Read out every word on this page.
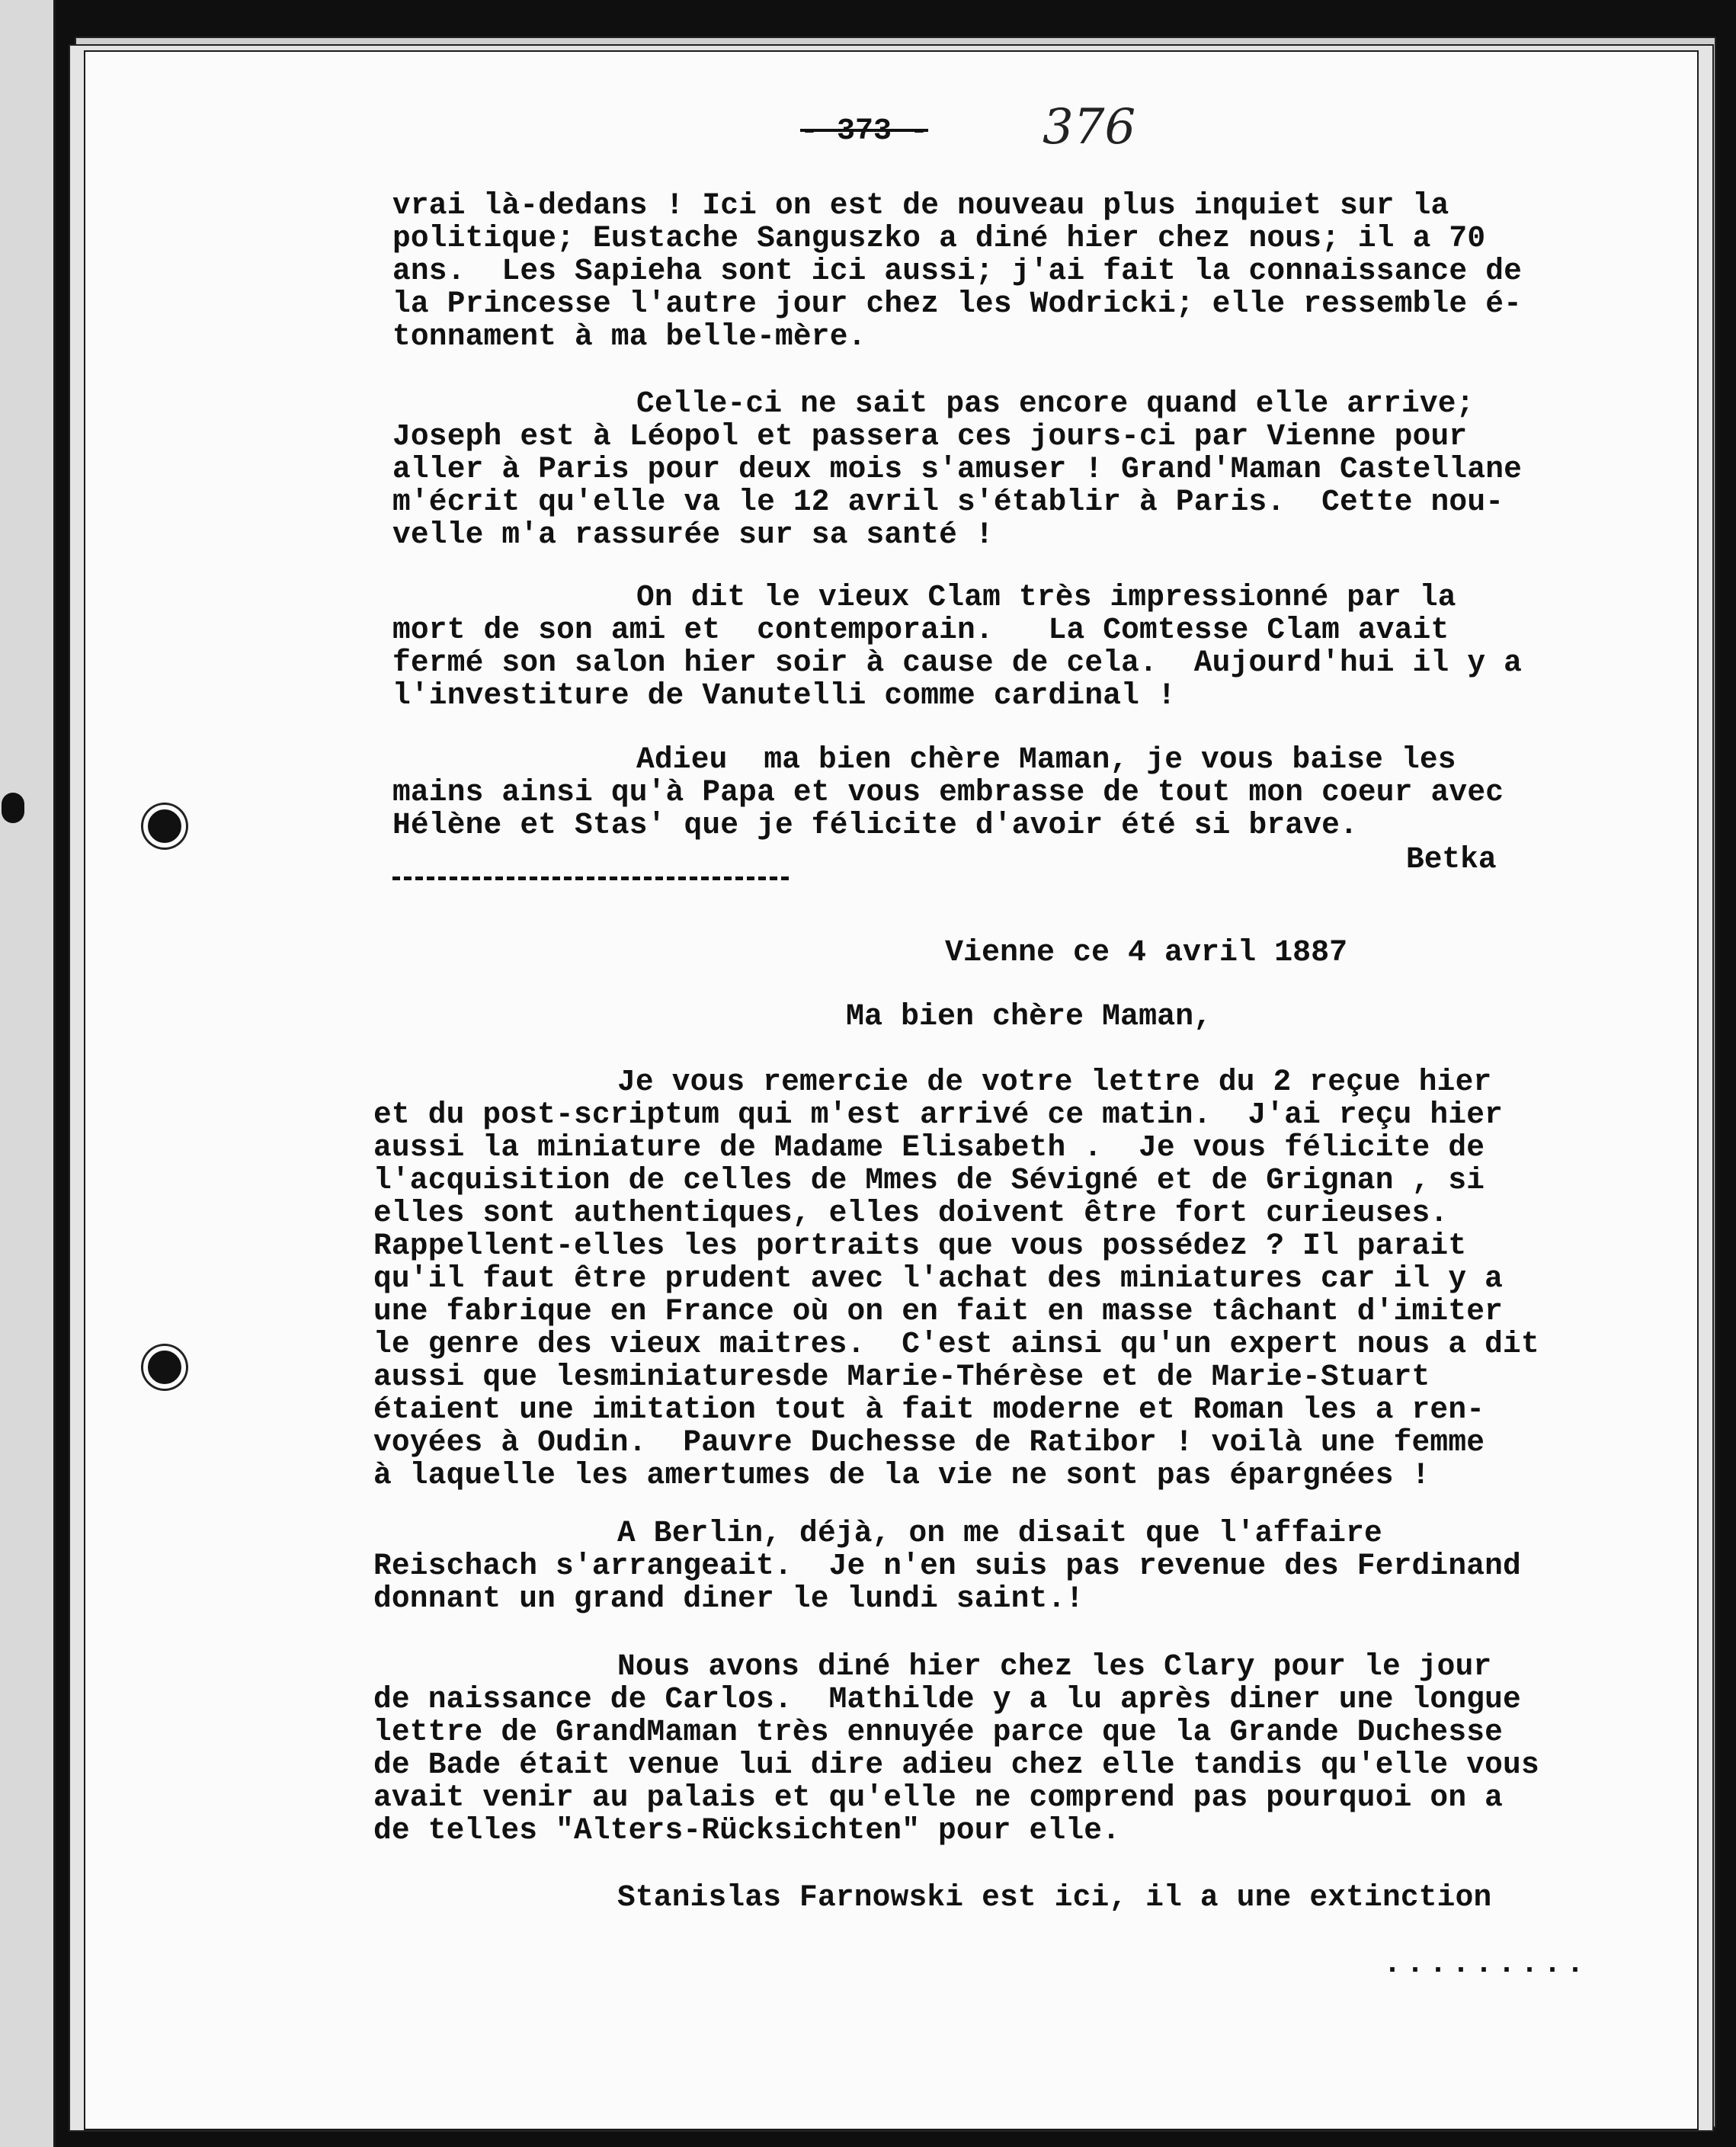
- 373 - 376
vrai là-dedans ! Ici on est de nouveau plus inquiet sur la
politique; Eustache Sanguszko a diné hier chez nous; il a 70
ans.  Les Sapieha sont ici aussi; j'ai fait la connaissance de
la Princesse l'autre jour chez les Wodricki; elle ressemble é-
tonnament à ma belle-mère.
Celle-ci ne sait pas encore quand elle arrive;
Joseph est à Léopol et passera ces jours-ci par Vienne pour
aller à Paris pour deux mois s'amuser ! Grand'Maman Castellane
m'écrit qu'elle va le 12 avril s'établir à Paris.  Cette nou-
velle m'a rassurée sur sa santé !
On dit le vieux Clam très impressionné par la
mort de son ami et  contemporain.   La Comtesse Clam avait
fermé son salon hier soir à cause de cela.  Aujourd'hui il y a
l'investiture de Vanutelli comme cardinal !
Adieu  ma bien chère Maman, je vous baise les
mains ainsi qu'à Papa et vous embrasse de tout mon coeur avec
Hélène et Stas' que je félicite d'avoir été si brave.
Betka
Vienne ce 4 avril 1887
Ma bien chère Maman,
Je vous remercie de votre lettre du 2 reçue hier
et du post-scriptum qui m'est arrivé ce matin.  J'ai reçu hier
aussi la miniature de Madame Elisabeth .  Je vous félicite de
l'acquisition de celles de Mmes de Sévigné et de Grignan , si
elles sont authentiques, elles doivent être fort curieuses.
Rappellent-elles les portraits que vous possédez ? Il parait
qu'il faut être prudent avec l'achat des miniatures car il y a
une fabrique en France où on en fait en masse tâchant d'imiter
le genre des vieux maitres.  C'est ainsi qu'un expert nous a dit
aussi que lesminiaturesde Marie-Thérèse et de Marie-Stuart
étaient une imitation tout à fait moderne et Roman les a ren-
voyées à Oudin.  Pauvre Duchesse de Ratibor ! voilà une femme
à laquelle les amertumes de la vie ne sont pas épargnées !
A Berlin, déjà, on me disait que l'affaire
Reischach s'arrangeait.  Je n'en suis pas revenue des Ferdinand
donnant un grand diner le lundi saint.!
Nous avons diné hier chez les Clary pour le jour
de naissance de Carlos.  Mathilde y a lu après diner une longue
lettre de GrandMaman très ennuyée parce que la Grande Duchesse
de Bade était venue lui dire adieu chez elle tandis qu'elle vous
avait venir au palais et qu'elle ne comprend pas pourquoi on a
de telles "Alters-Rücksichten" pour elle.
Stanislas Farnowski est ici, il a une extinction
.........
